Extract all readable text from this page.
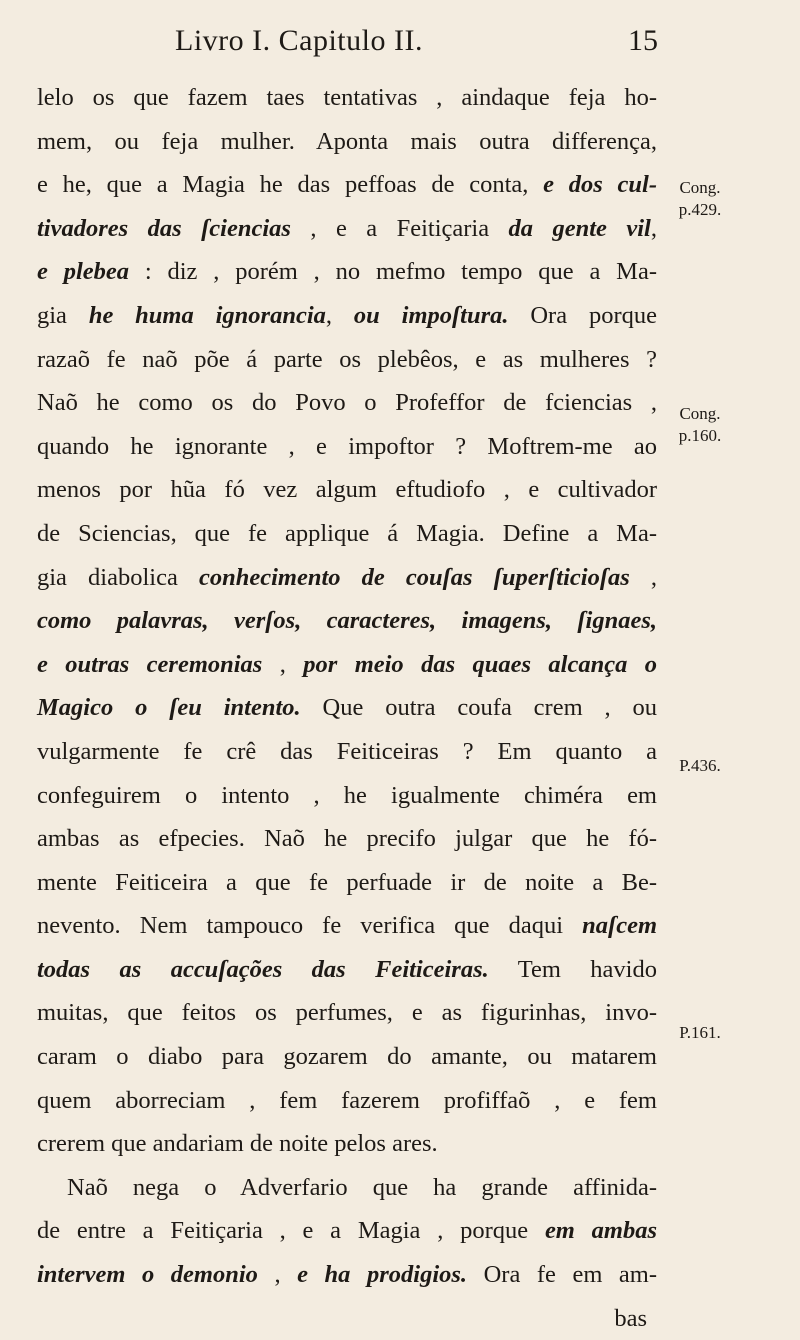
Livro I. Capitulo II.	15
lelo os que fazem taes tentativas , aindaque feja ho-
mem, ou feja mulher. Aponta mais outra differença,
e he, que a Magia he das peffoas de conta, e dos cul-
tivadores das ſciencias , e a Feitiçaria da gente vil,
e plebea : diz , porém , no mefmo tempo que a Ma-
gia he huma ignorancia, ou impoſtura. Ora porque
razaõ fe naõ põe á parte os plebêos, e as mulheres ?
Naõ he como os do Povo o Profeffor de fciencias ,
quando he ignorante , e impoftor ? Moftrem-me ao
menos por hũa fó vez algum eftudiofo , e cultivador
de Sciencias, que fe applique á Magia. Define a Ma-
gia diabolica conhecimento de couſas ſuperſticioſas ,
como palavras, verſos, caracteres, imagens, ſignaes,
e outras ceremonias , por meio das quaes alcança o
Magico o ſeu intento. Que outra coufa crem , ou
vulgarmente fe crê das Feiticeiras ? Em quanto a
confeguirem o intento , he igualmente chiméra em
ambas as efpecies. Naõ he precifo julgar que he fó-
mente Feiticeira a que fe perfuade ir de noite a Be-
nevento. Nem tampouco fe verifica que daqui naſcem
todas as accuſações das Feiticeiras. Tem havido
muitas, que feitos os perfumes, e as figurinhas, invo-
caram o diabo para gozarem do amante, ou matarem
quem aborreciam , fem fazerem profiffaõ , e fem
crerem que andariam de noite pelos ares.
Naõ nega o Adverfario que ha grande affinida-
de entre a Feitiçaria , e a Magia , porque em ambas
intervem o demonio , e ha prodigios. Ora fe em am-
bas
Cong. p.429.
Cong. p.160.
P.436.
P.161.
